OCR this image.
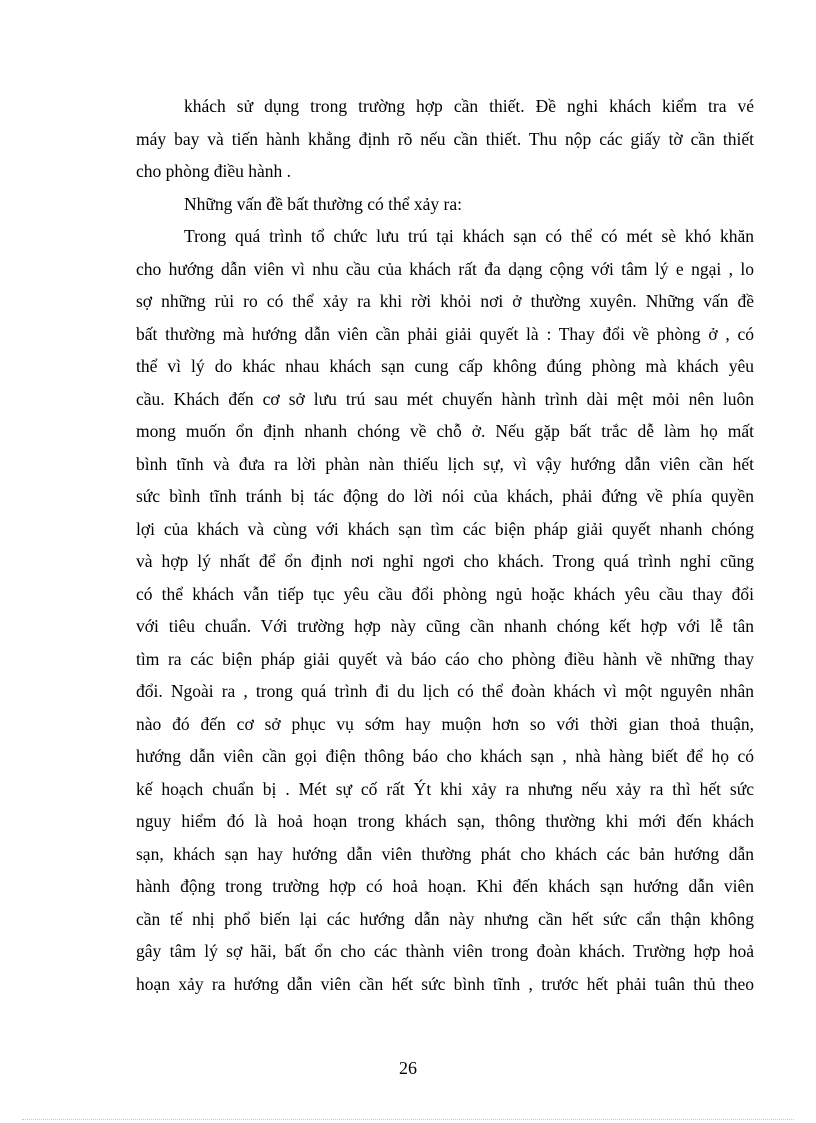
khách sử dụng trong trường hợp cần thiết. Đề nghi khách kiểm tra vé
máy bay và tiến hành khẳng định rõ nếu cần thiết. Thu nộp các giấy tờ cần thiết
cho phòng điều hành .
Những vấn đề bất thường có thể xảy ra:
Trong quá trình tổ chức lưu trú tại khách sạn có thể có mét sè khó khăn
cho hướng dẫn viên vì nhu cầu của khách rất đa dạng cộng với tâm lý e ngại , lo
sợ những rủi ro có thể xảy ra khi rời khỏi nơi ở thường xuyên. Những vấn đề
bất thường mà hướng dẫn viên cần phải giải quyết là : Thay đổi về phòng ở , có
thể vì lý do khác nhau khách sạn cung cấp không đúng phòng mà khách yêu
cầu. Khách đến cơ sở lưu trú sau mét chuyến hành trình dài mệt mỏi nên luôn
mong muốn ổn định nhanh chóng về chỗ ở. Nếu gặp bất trắc dễ làm họ mất
bình tĩnh và đưa ra lời phàn nàn thiếu lịch sự, vì vậy hướng dẫn viên cần hết
sức bình tĩnh tránh bị tác động do lời nói của khách, phải đứng về phía quyền
lợi của khách và cùng với khách sạn tìm các biện pháp giải quyết nhanh chóng
và hợp lý nhất để ổn định nơi nghỉ ngơi cho khách. Trong quá trình nghỉ cũng
có thể khách vẫn tiếp tục yêu cầu đổi phòng ngủ hoặc khách yêu cầu thay đổi
với tiêu chuẩn. Với trường hợp này cũng cần nhanh chóng kết hợp với lễ tân
tìm ra các biện pháp giải quyết và báo cáo cho phòng điều hành về những thay
đổi. Ngoài ra , trong quá trình đi du lịch có thể đoàn khách vì một nguyên nhân
nào đó đến cơ sở phục vụ sớm hay muộn hơn so với thời gian thoả thuận,
hướng dẫn viên cần gọi điện thông báo cho khách sạn , nhà hàng biết để họ có
kế hoạch chuẩn bị . Mét sự cố rất Ýt khi xảy ra nhưng nếu xảy ra thì hết sức
nguy hiểm đó là hoả hoạn trong khách sạn, thông thường khi mới đến khách
sạn, khách sạn hay hướng dẫn viên thường phát cho khách các bản hướng dẫn
hành động trong trường hợp có hoả hoạn. Khi đến khách sạn hướng dẫn viên
cần tế nhị phổ biến lại các hướng dẫn này nhưng cần hết sức cẩn thận không
gây tâm lý sợ hãi, bất ổn cho các thành viên trong đoàn khách. Trường hợp hoả
hoạn xảy ra hướng dẫn viên cần hết sức bình tĩnh , trước hết phải tuân thủ theo
26
